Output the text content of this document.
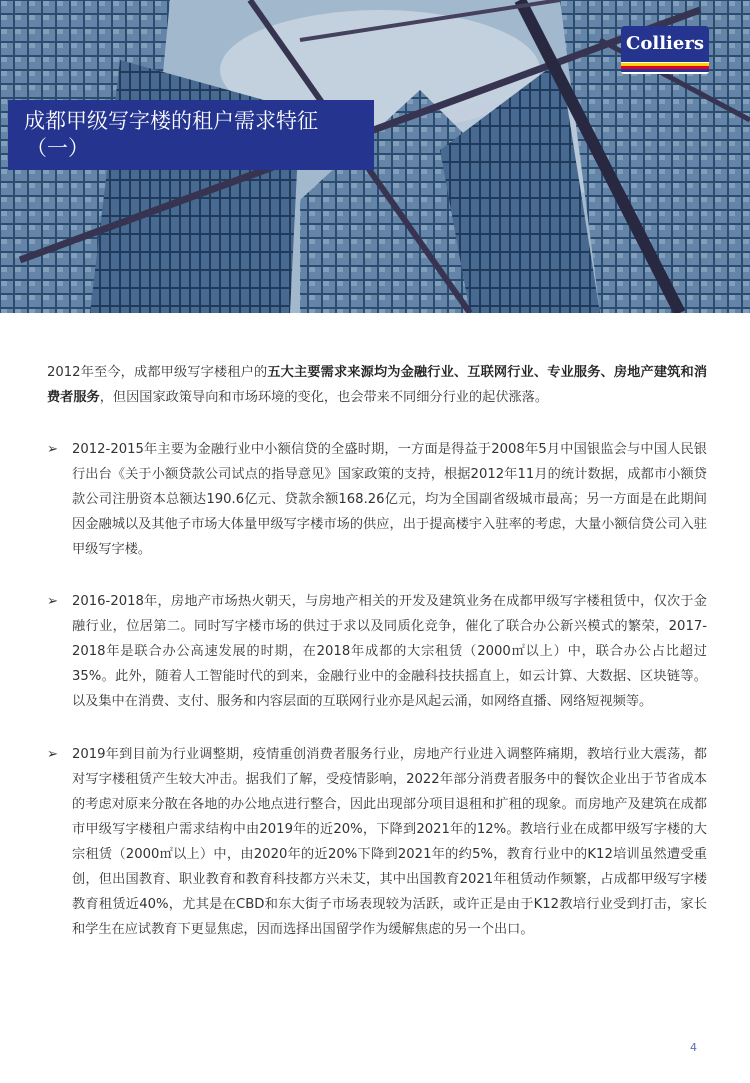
Colliers
成都甲级写字楼的租户需求特征
（一）

2012年至今，成都甲级写字楼租户的五大主要需求来源均为金融行业、互联网行业、专业服务、房地产建筑和消费者服务，但因国家政策导向和市场环境的变化，也会带来不同细分行业的起伏涨落。

➢ 2012-2015年主要为金融行业中小额信贷的全盛时期，一方面是得益于2008年5月中国银监会与中国人民银行出台《关于小额贷款公司试点的指导意见》国家政策的支持，根据2012年11月的统计数据，成都市小额贷款公司注册资本总额达190.6亿元、贷款余额168.26亿元，均为全国副省级城市最高；另一方面是在此期间因金融城以及其他子市场大体量甲级写字楼市场的供应，出于提高楼宇入驻率的考虑，大量小额信贷公司入驻甲级写字楼。

➢ 2016-2018年，房地产市场热火朝天，与房地产相关的开发及建筑业务在成都甲级写字楼租赁中，仅次于金融行业，位居第二。同时写字楼市场的供过于求以及同质化竞争，催化了联合办公新兴模式的繁荣，2017-2018年是联合办公高速发展的时期，在2018年成都的大宗租赁（2000㎡以上）中，联合办公占比超过35%。此外，随着人工智能时代的到来，金融行业中的金融科技扶摇直上，如云计算、大数据、区块链等。以及集中在消费、支付、服务和内容层面的互联网行业亦是风起云涌，如网络直播、网络短视频等。

➢ 2019年到目前为行业调整期，疫情重创消费者服务行业，房地产行业进入调整阵痛期，教培行业大震荡，都对写字楼租赁产生较大冲击。据我们了解，受疫情影响，2022年部分消费者服务中的餐饮企业出于节省成本的考虑对原来分散在各地的办公地点进行整合，因此出现部分项目退租和扩租的现象。而房地产及建筑在成都市甲级写字楼租户需求结构中由2019年的近20%，下降到2021年的12%。教培行业在成都甲级写字楼的大宗租赁（2000㎡以上）中，由2020年的近20%下降到2021年的约5%，教育行业中的K12培训虽然遭受重创，但出国教育、职业教育和教育科技都方兴未艾，其中出国教育2021年租赁动作频繁，占成都甲级写字楼教育租赁近40%，尤其是在CBD和东大街子市场表现较为活跃，或许正是由于K12教培行业受到打击，家长和学生在应试教育下更显焦虑，因而选择出国留学作为缓解焦虑的另一个出口。

4
